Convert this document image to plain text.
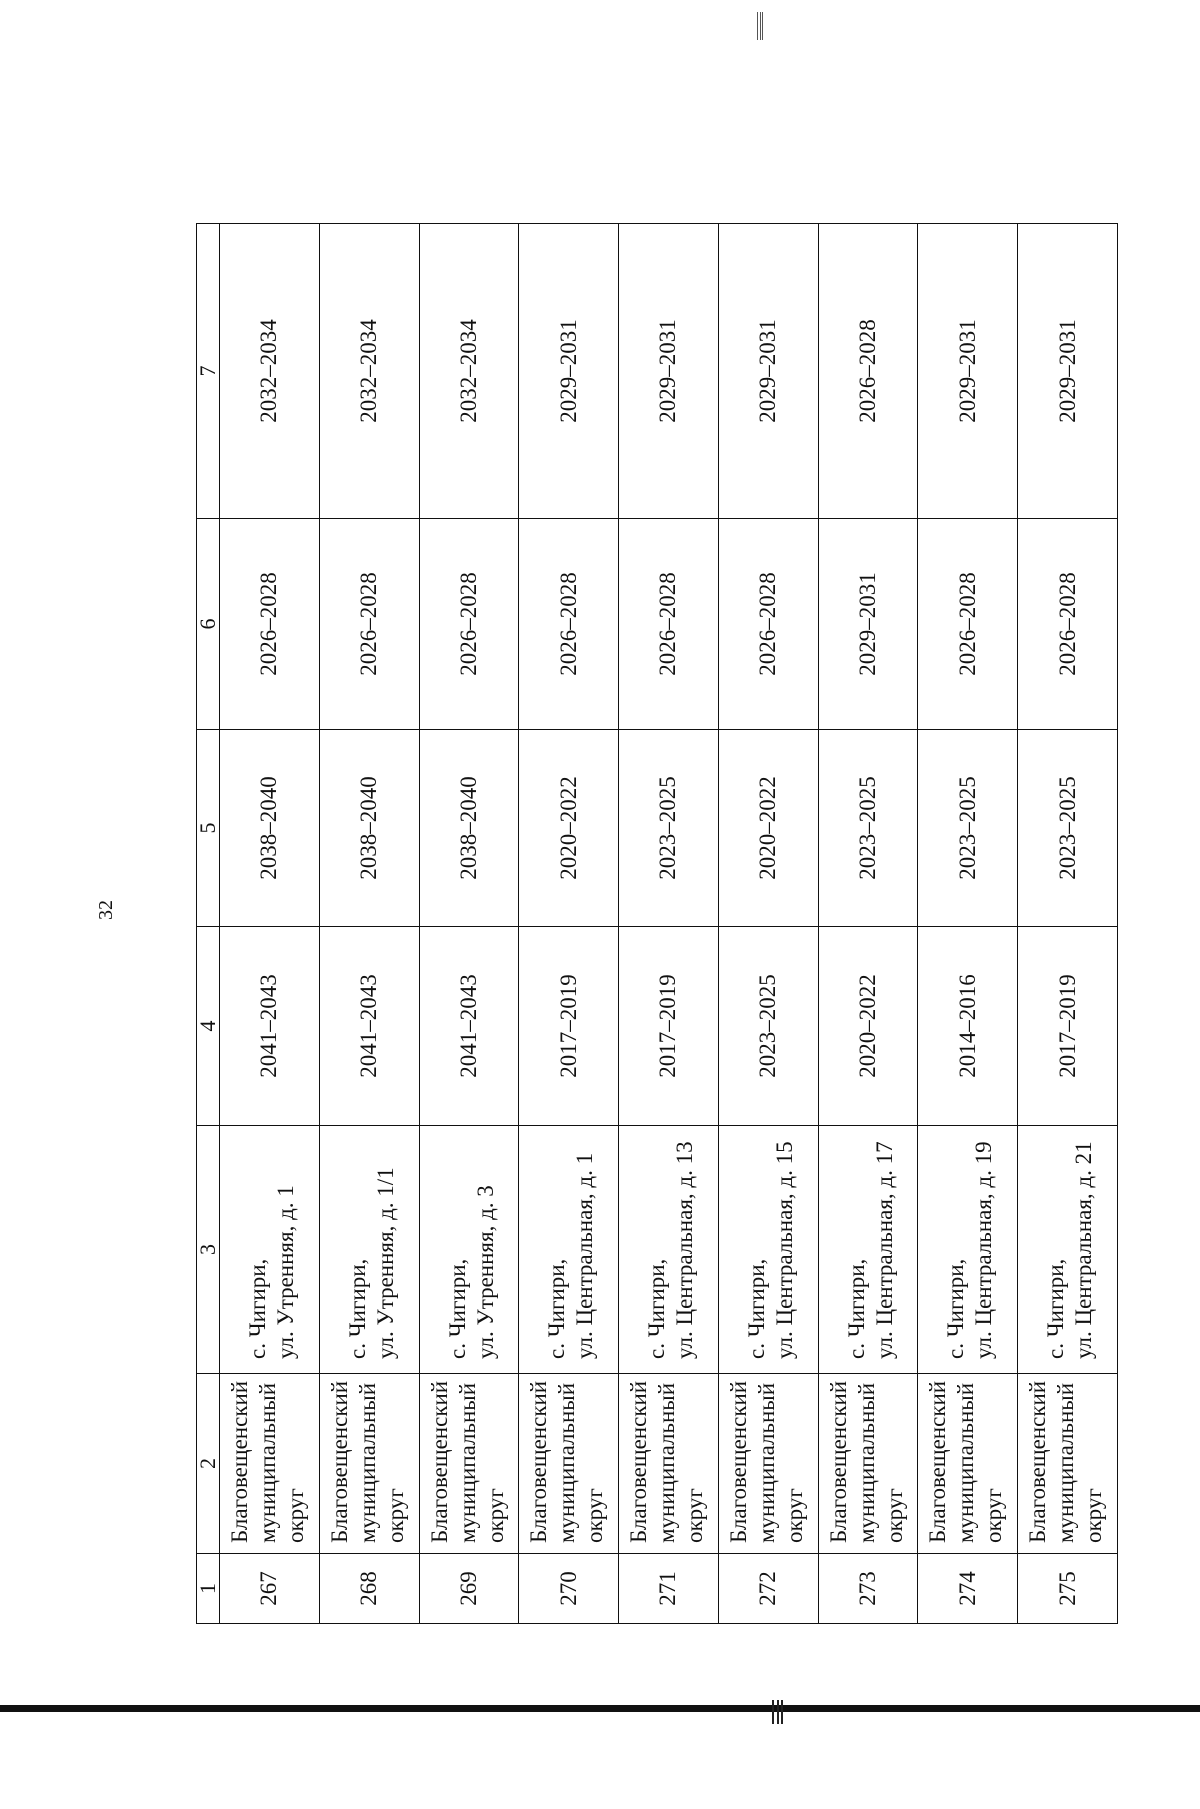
32
1	2	3	4	5	6	7
267	Благовещенский муниципальный округ	с. Чигири, ул. Утренняя, д. 1	2041–2043	2038–2040	2026–2028	2032–2034
268	Благовещенский муниципальный округ	с. Чигири, ул. Утренняя, д. 1/1	2041–2043	2038–2040	2026–2028	2032–2034
269	Благовещенский муниципальный округ	с. Чигири, ул. Утренняя, д. 3	2041–2043	2038–2040	2026–2028	2032–2034
270	Благовещенский муниципальный округ	с. Чигири, ул. Центральная, д. 1	2017–2019	2020–2022	2026–2028	2029–2031
271	Благовещенский муниципальный округ	с. Чигири, ул. Центральная, д. 13	2017–2019	2023–2025	2026–2028	2029–2031
272	Благовещенский муниципальный округ	с. Чигири, ул. Центральная, д. 15	2023–2025	2020–2022	2026–2028	2029–2031
273	Благовещенский муниципальный округ	с. Чигири, ул. Центральная, д. 17	2020–2022	2023–2025	2029–2031	2026–2028
274	Благовещенский муниципальный округ	с. Чигири, ул. Центральная, д. 19	2014–2016	2023–2025	2026–2028	2029–2031
275	Благовещенский муниципальный округ	с. Чигири, ул. Центральная, д. 21	2017–2019	2023–2025	2026–2028	2029–2031
